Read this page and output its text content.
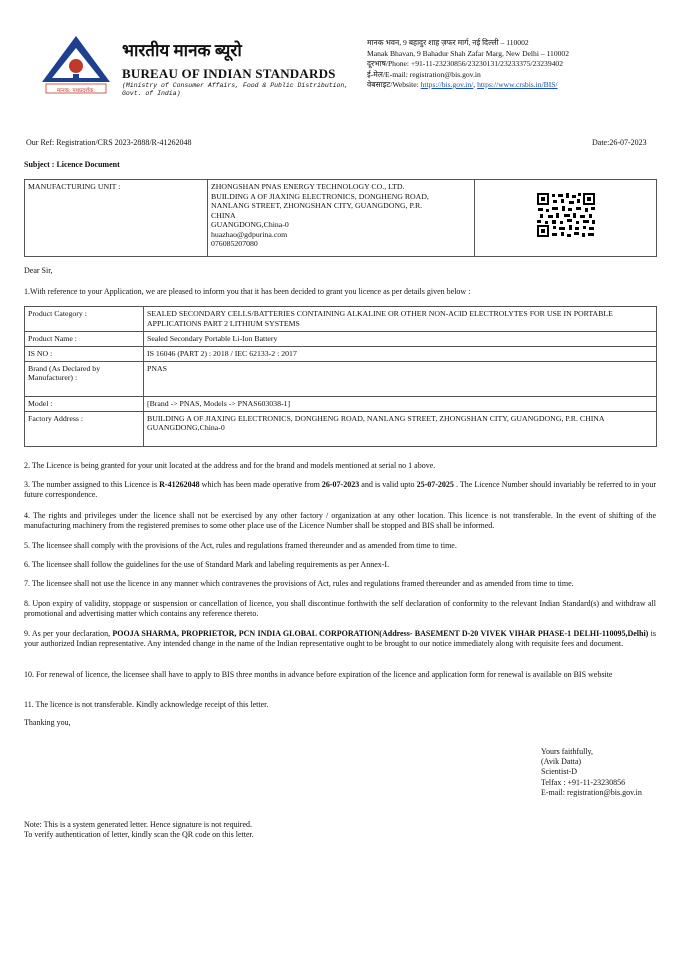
मानक: पथप्रदर्शक:
भारतीय मानक ब्यूरो
BUREAU OF INDIAN STANDARDS
(Ministry of Consumer Affairs, Food & Public Distribution, Govt. of India)
मानक भवन, 9 बहादुर शाह ज़फर मार्ग, नई दिल्ली – 110002
Manak Bhavan, 9 Bahadur Shah Zafar Marg, New Delhi – 110002
दूरभाष/Phone: +91-11-23230856/23230131/23233375/23239402
ई-मेल/E-mail: registration@bis.gov.in
वेबसाइट/Website: https://bis.gov.in/, https://www.crsbis.in/BIS/
Our Ref: Registration/CRS 2023-2888/R-41262048	Date:26-07-2023
Subject : Licence Document
MANUFACTURING UNIT :	ZHONGSHAN PNAS ENERGY TECHNOLOGY CO., LTD.
BUILDING A OF JIAXING ELECTRONICS, DONGHENG ROAD,
NANLANG STREET, ZHONGSHAN CITY, GUANGDONG, P.R.
CHINA
GUANGDONG,China-0
huazhao@gdpurina.com
076085207080

Dear Sir,
1.With reference to your Application, we are pleased to inform you that it has been decided to grant you licence as per details given below :
Product Category :	SEALED SECONDARY CELLS/BATTERIES CONTAINING ALKALINE OR OTHER NON-ACID ELECTROLYTES FOR USE IN PORTABLE APPLICATIONS PART 2 LITHIUM SYSTEMS
Product Name :	Sealed Secondary Portable Li-Ion Battery
IS NO :	IS 16046 (PART 2) : 2018 / IEC 62133-2 : 2017
Brand (As Declared by Manufacturer) :	PNAS
Model :	[Brand -> PNAS, Models -> PNAS603038-1]
Factory Address :	BUILDING A OF JIAXING ELECTRONICS, DONGHENG ROAD, NANLANG STREET, ZHONGSHAN CITY, GUANGDONG, P.R. CHINA GUANGDONG,China-0
2. The Licence is being granted for your unit located at the address and for the brand and models mentioned at serial no 1 above.
3. The number assigned to this Licence is R-41262048 which has been made operative from 26-07-2023 and is valid upto 25-07-2025 . The Licence Number should invariably be referred to in your future correspondence.
4. The rights and privileges under the licence shall not be exercised by any other factory / organization at any other location. This licence is not transferable. In the event of shifting of the manufacturing machinery from the registered premises to some other place use of the Licence Number shall be stopped and BIS shall be informed.
5. The licensee shall comply with the provisions of the Act, rules and regulations framed thereunder and as amended from time to time.
6. The licensee shall follow the guidelines for the use of Standard Mark and labeling requirements as per Annex-I.
7. The licensee shall not use the licence in any manner which contravenes the provisions of Act, rules and regulations framed thereunder and as amended from time to time.
8. Upon expiry of validity, stoppage or suspension or cancellation of licence, you shall discontinue forthwith the self declaration of conformity to the relevant Indian Standard(s) and withdraw all promotional and advertising matter which contains any reference thereto.
9. As per your declaration, POOJA SHARMA, PROPRIETOR, PCN INDIA GLOBAL CORPORATION(Address- BASEMENT D-20 VIVEK VIHAR PHASE-1 DELHI-110095,Delhi) is your authorized Indian representative. Any intended change in the name of the Indian representative ought to be brought to our notice immediately along with requisite fees and document.
10. For renewal of licence, the licensee shall have to apply to BIS three months in advance before expiration of the licence and application form for renewal is available on BIS website
11. The licence is not transferable. Kindly acknowledge receipt of this letter.
Thanking you,
Yours faithfully,
(Avik Datta)
Scientist-D
Telfax : +91-11-23230856
E-mail: registration@bis.gov.in
Note: This is a system generated letter. Hence signature is not required.
To verify authentication of letter, kindly scan the QR code on this letter.
